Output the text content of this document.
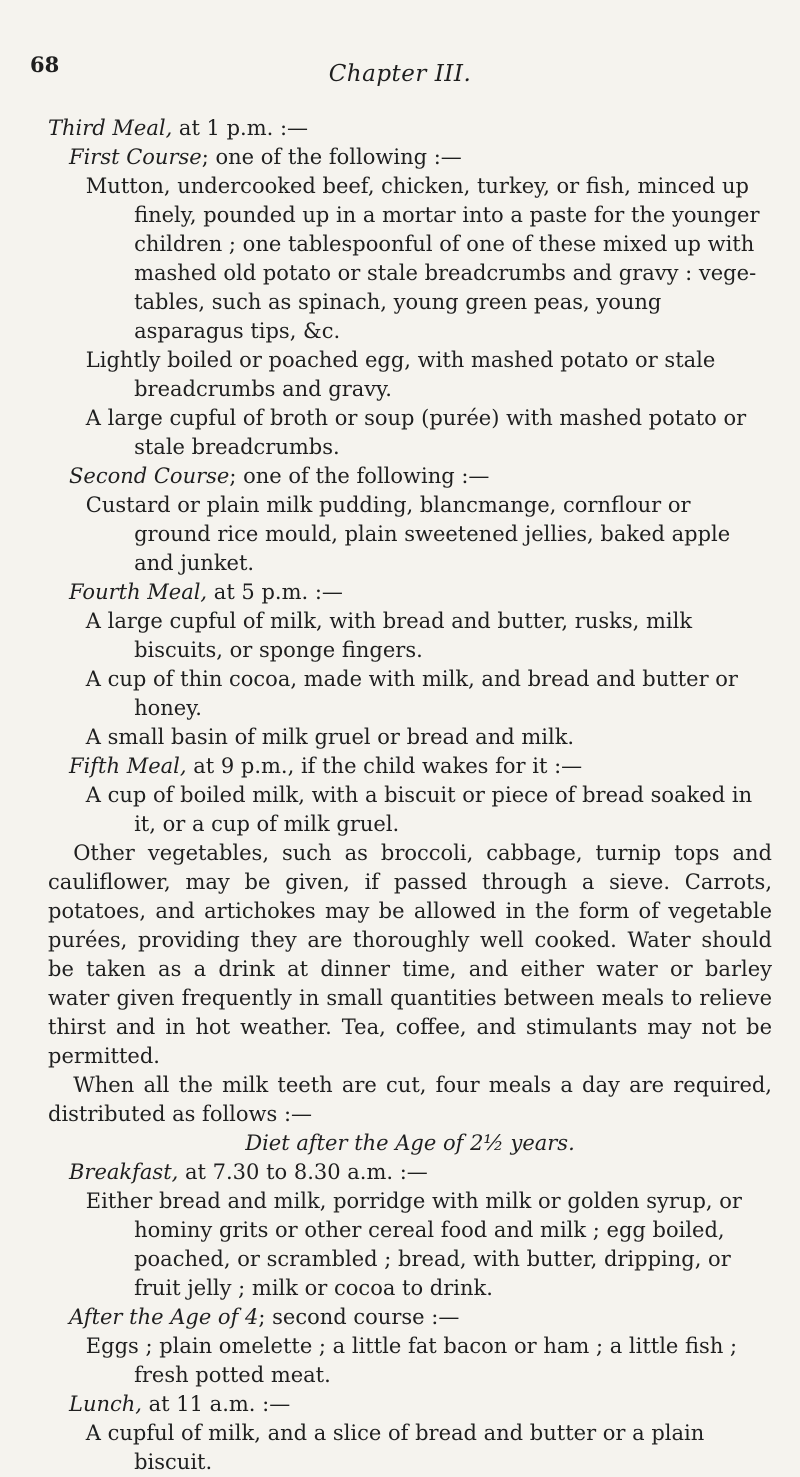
68	Chapter III.

Third Meal, at 1 p.m. :—

First Course; one of the following :—

Mutton, undercooked beef, chicken, turkey, or fish, minced up finely, pounded up in a mortar into a paste for the younger children ; one tablespoonful of one of these mixed up with mashed old potato or stale breadcrumbs and gravy : vegetables, such as spinach, young green peas, young asparagus tips, &c.

Lightly boiled or poached egg, with mashed potato or stale breadcrumbs and gravy.

A large cupful of broth or soup (purée) with mashed potato or stale breadcrumbs.

Second Course; one of the following :—

Custard or plain milk pudding, blancmange, cornflour or ground rice mould, plain sweetened jellies, baked apple and junket.

Fourth Meal, at 5 p.m. :—

A large cupful of milk, with bread and butter, rusks, milk biscuits, or sponge fingers.

A cup of thin cocoa, made with milk, and bread and butter or honey.

A small basin of milk gruel or bread and milk.

Fifth Meal, at 9 p.m., if the child wakes for it :—

A cup of boiled milk, with a biscuit or piece of bread soaked in it, or a cup of milk gruel.

Other vegetables, such as broccoli, cabbage, turnip tops and cauliflower, may be given, if passed through a sieve. Carrots, potatoes, and artichokes may be allowed in the form of vegetable purées, providing they are thoroughly well cooked. Water should be taken as a drink at dinner time, and either water or barley water given frequently in small quantities between meals to relieve thirst and in hot weather. Tea, coffee, and stimulants may not be permitted.

When all the milk teeth are cut, four meals a day are required, distributed as follows :—

Diet after the Age of 2½ years.

Breakfast, at 7.30 to 8.30 a.m. :—

Either bread and milk, porridge with milk or golden syrup, or hominy grits or other cereal food and milk ; egg boiled, poached, or scrambled ; bread, with butter, dripping, or fruit jelly ; milk or cocoa to drink.

After the Age of 4; second course :—

Eggs ; plain omelette ; a little fat bacon or ham ; a little fish ; fresh potted meat.

Lunch, at 11 a.m. :—

A cupful of milk, and a slice of bread and butter or a plain biscuit.
